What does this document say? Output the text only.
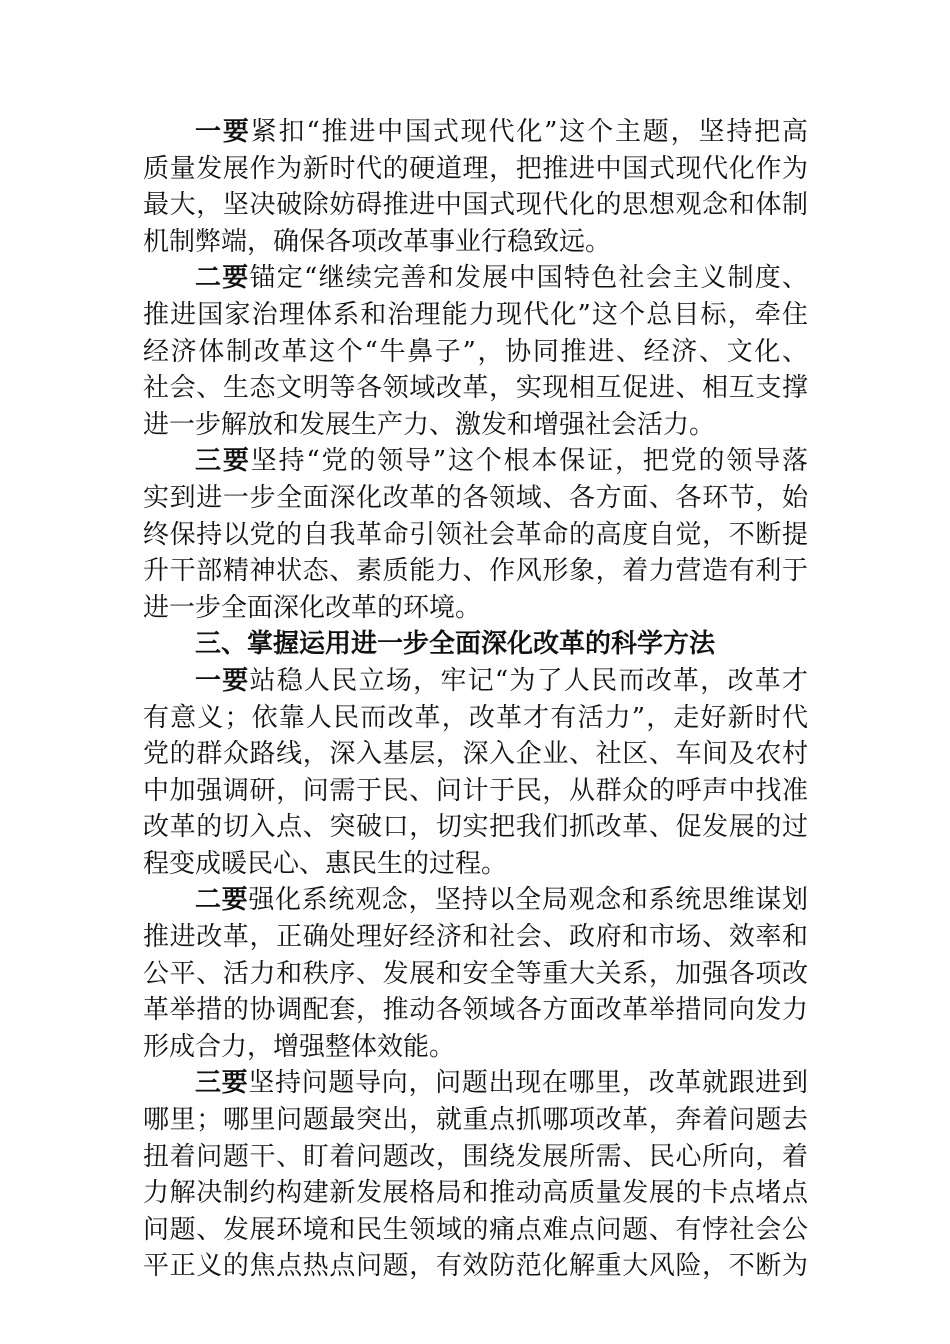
一要紧扣“推进中国式现代化”这个主题，坚持把高
质量发展作为新时代的硬道理，把推进中国式现代化作为
最大，坚决破除妨碍推进中国式现代化的思想观念和体制
机制弊端，确保各项改革事业行稳致远。
二要锚定“继续完善和发展中国特色社会主义制度、
推进国家治理体系和治理能力现代化”这个总目标，牵住
经济体制改革这个“牛鼻子”，协同推进、经济、文化、
社会、生态文明等各领域改革，实现相互促进、相互支撑
进一步解放和发展生产力、激发和增强社会活力。
三要坚持“党的领导”这个根本保证，把党的领导落
实到进一步全面深化改革的各领域、各方面、各环节，始
终保持以党的自我革命引领社会革命的高度自觉，不断提
升干部精神状态、素质能力、作风形象，着力营造有利于
进一步全面深化改革的环境。
三、掌握运用进一步全面深化改革的科学方法
一要站稳人民立场，牢记“为了人民而改革，改革才
有意义；依靠人民而改革，改革才有活力”，走好新时代
党的群众路线，深入基层，深入企业、社区、车间及农村
中加强调研，问需于民、问计于民，从群众的呼声中找准
改革的切入点、突破口，切实把我们抓改革、促发展的过
程变成暖民心、惠民生的过程。
二要强化系统观念，坚持以全局观念和系统思维谋划
推进改革，正确处理好经济和社会、政府和市场、效率和
公平、活力和秩序、发展和安全等重大关系，加强各项改
革举措的协调配套，推动各领域各方面改革举措同向发力
形成合力，增强整体效能。
三要坚持问题导向，问题出现在哪里，改革就跟进到
哪里；哪里问题最突出，就重点抓哪项改革，奔着问题去
扭着问题干、盯着问题改，围绕发展所需、民心所向，着
力解决制约构建新发展格局和推动高质量发展的卡点堵点
问题、发展环境和民生领域的痛点难点问题、有悖社会公
平正义的焦点热点问题，有效防范化解重大风险，不断为
